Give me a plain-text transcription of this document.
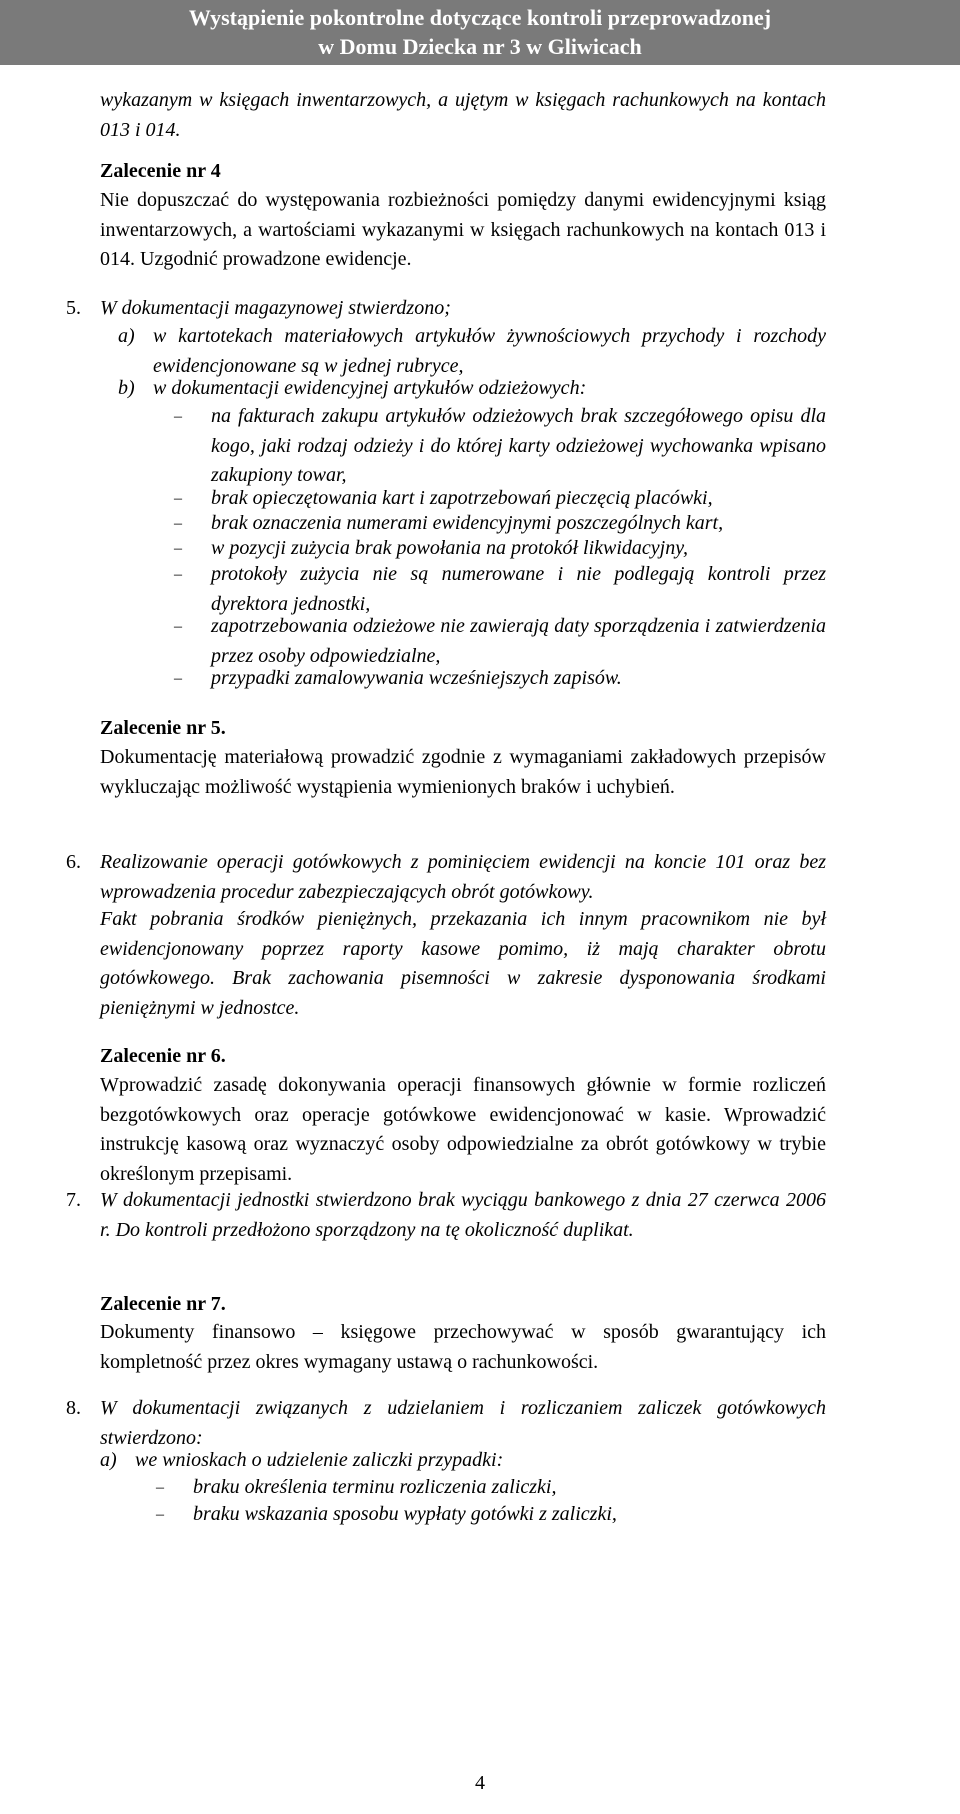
Wystąpienie pokontrolne dotyczące kontroli przeprowadzonej
w Domu Dziecka nr 3 w Gliwicach
wykazanym w księgach inwentarzowych, a ujętym w księgach rachunkowych na kontach 013 i 014.
Zalecenie nr 4
Nie dopuszczać do występowania rozbieżności pomiędzy danymi ewidencyjnymi ksiąg inwentarzowych, a wartościami wykazanymi w księgach rachunkowych na kontach 013 i 014. Uzgodnić prowadzone ewidencje.
5. W dokumentacji magazynowej stwierdzono;
a) w kartotekach materiałowych artykułów żywnościowych przychody i rozchody ewidencjonowane są w jednej rubryce,
b) w dokumentacji ewidencyjnej artykułów odzieżowych:
– na fakturach zakupu artykułów odzieżowych brak szczegółowego opisu dla kogo, jaki rodzaj odzieży i do której karty odzieżowej wychowanka wpisano zakupiony towar,
– brak opieczętowania kart i zapotrzebowań pieczęcią placówki,
– brak oznaczenia numerami ewidencyjnymi poszczególnych kart,
– w pozycji zużycia brak powołania na protokół likwidacyjny,
– protokoły zużycia nie są numerowane i nie podlegają kontroli przez dyrektora jednostki,
– zapotrzebowania odzieżowe nie zawierają daty sporządzenia i zatwierdzenia przez osoby odpowiedzialne,
– przypadki zamalowywania wcześniejszych zapisów.
Zalecenie nr 5.
Dokumentację materiałową prowadzić zgodnie z wymaganiami zakładowych przepisów wykluczając możliwość wystąpienia wymienionych braków i uchybień.
6. Realizowanie operacji gotówkowych z pominięciem ewidencji na koncie 101 oraz bez wprowadzenia procedur zabezpieczających obrót gotówkowy.
Fakt pobrania środków pieniężnych, przekazania ich innym pracownikom nie był ewidencjonowany poprzez raporty kasowe pomimo, iż mają charakter obrotu gotówkowego. Brak zachowania pisemności w zakresie dysponowania środkami pieniężnymi w jednostce.
Zalecenie nr 6.
Wprowadzić zasadę dokonywania operacji finansowych głównie w formie rozliczeń bezgotówkowych oraz operacje gotówkowe ewidencjonować w kasie. Wprowadzić instrukcję kasową oraz wyznaczyć osoby odpowiedzialne za obrót gotówkowy w trybie określonym przepisami.
7. W dokumentacji jednostki stwierdzono brak wyciągu bankowego z dnia 27 czerwca 2006 r. Do kontroli przedłożono sporządzony na tę okoliczność duplikat.
Zalecenie nr 7.
Dokumenty finansowo – księgowe przechowywać w sposób gwarantujący ich kompletność przez okres wymagany ustawą o rachunkowości.
8. W dokumentacji związanych z udzielaniem i rozliczaniem zaliczek gotówkowych stwierdzono:
a) we wnioskach o udzielenie zaliczki przypadki:
– braku określenia terminu rozliczenia zaliczki,
– braku wskazania sposobu wypłaty gotówki z zaliczki,
4
